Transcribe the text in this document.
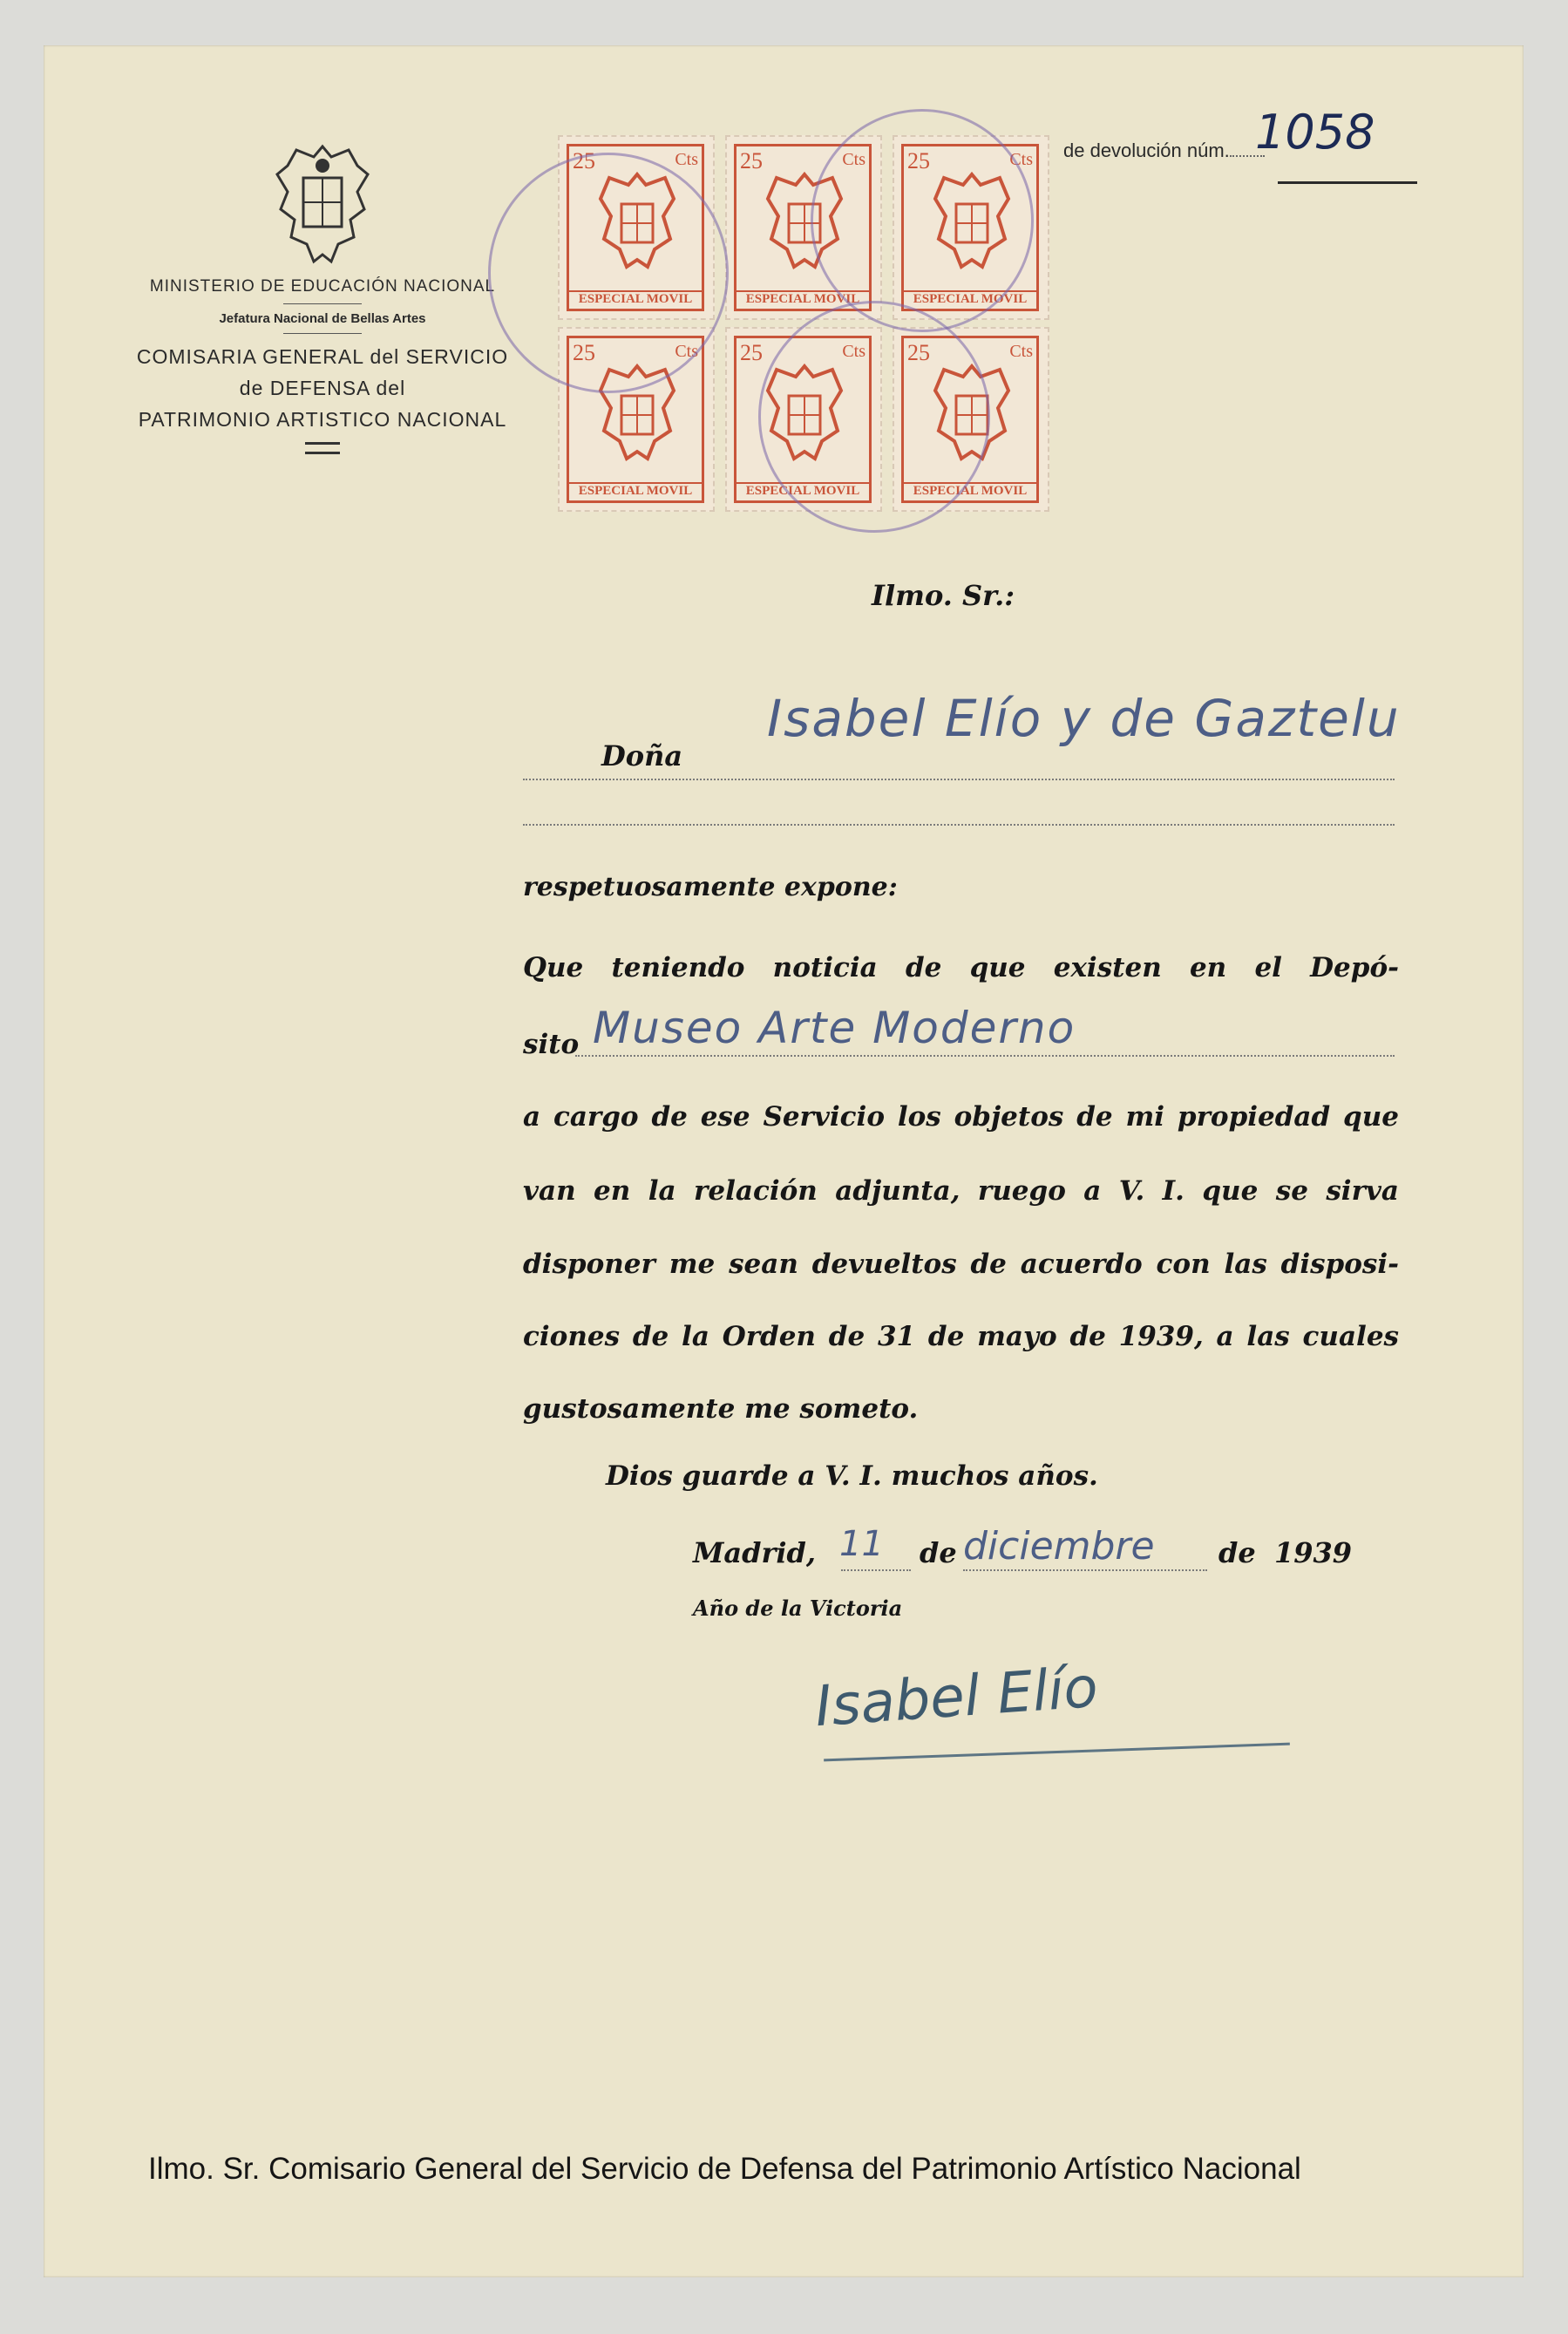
MINISTERIO DE EDUCACIÓN NACIONAL
Jefatura Nacional de Bellas Artes
COMISARIA GENERAL del SERVICIO
de DEFENSA del
PATRIMONIO ARTISTICO NACIONAL
25	Cts
ESPECIAL MOVIL
25	Cts
ESPECIAL MOVIL
25	Cts
ESPECIAL MOVIL
25	Cts
ESPECIAL MOVIL
25	Cts
ESPECIAL MOVIL
25	Cts
ESPECIAL MOVIL
de devolución núm. 1058
Ilmo. Sr.:
Doña
Isabel Elío y de Gaztelu
respetuosamente expone:
Que teniendo noticia de que existen en el Depó-
sito Museo Arte Moderno
a cargo de ese Servicio los objetos de mi propiedad que
van en la relación adjunta, ruego a V. I. que se sirva
disponer me sean devueltos de acuerdo con las disposi-
ciones de la Orden de 31 de mayo de 1939, a las cuales
gustosamente me someto.
Dios guarde a V. I. muchos años.
Madrid, 11 de diciembre de 1939
Año de la Victoria
Isabel Elío
Ilmo. Sr. Comisario General del Servicio de Defensa del Patrimonio Artístico Nacional
